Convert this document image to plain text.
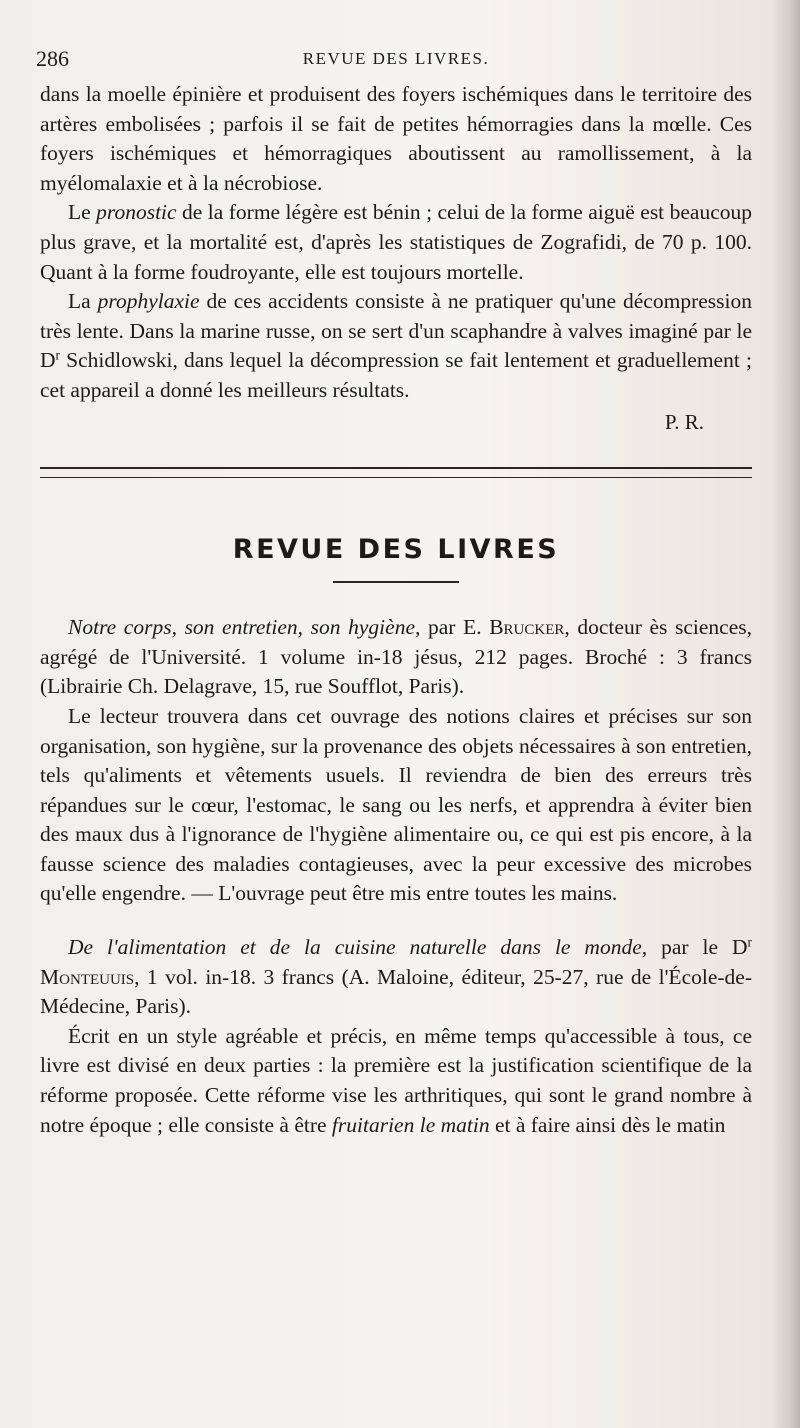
286	REVUE DES LIVRES.

dans la moelle épinière et produisent des foyers ischémiques dans le territoire des artères embolisées ; parfois il se fait de petites hémorragies dans la mœlle. Ces foyers ischémiques et hémorragiques aboutissent au ramollissement, à la myélomalaxie et à la nécrobiose.

Le pronostic de la forme légère est bénin ; celui de la forme aiguë est beaucoup plus grave, et la mortalité est, d'après les statistiques de Zografidi, de 70 p. 100. Quant à la forme foudroyante, elle est toujours mortelle.

La prophylaxie de ces accidents consiste à ne pratiquer qu'une décompression très lente. Dans la marine russe, on se sert d'un scaphandre à valves imaginé par le $D^r$ Schidlowski, dans lequel la décompression se fait lentement et graduellement ; cet appareil a donné les meilleurs résultats.

P. R.
REVUE DES LIVRES

Notre corps, son entretien, son hygiène, par E. Brucker, docteur ès sciences, agrégé de l'Université. 1 volume in-18 jésus, 212 pages. Broché : 3 francs (Librairie Ch. Delagrave, 15, rue Soufflot, Paris).

Le lecteur trouvera dans cet ouvrage des notions claires et précises sur son organisation, son hygiène, sur la provenance des objets nécessaires à son entretien, tels qu'aliments et vêtements usuels. Il reviendra de bien des erreurs très répandues sur le cœur, l'estomac, le sang ou les nerfs, et apprendra à éviter bien des maux dus à l'ignorance de l'hygiène alimentaire ou, ce qui est pis encore, à la fausse science des maladies contagieuses, avec la peur excessive des microbes qu'elle engendre. — L'ouvrage peut être mis entre toutes les mains.

De l'alimentation et de la cuisine naturelle dans le monde, par le $D^r$ Monteuuis, 1 vol. in-18. 3 francs (A. Maloine, éditeur, 25-27, rue de l'École-de-Médecine, Paris).

Écrit en un style agréable et précis, en même temps qu'accessible à tous, ce livre est divisé en deux parties : la première est la justification scientifique de la réforme proposée. Cette réforme vise les arthritiques, qui sont le grand nombre à notre époque ; elle consiste à être fruitarien le matin et à faire ainsi dès le matin
